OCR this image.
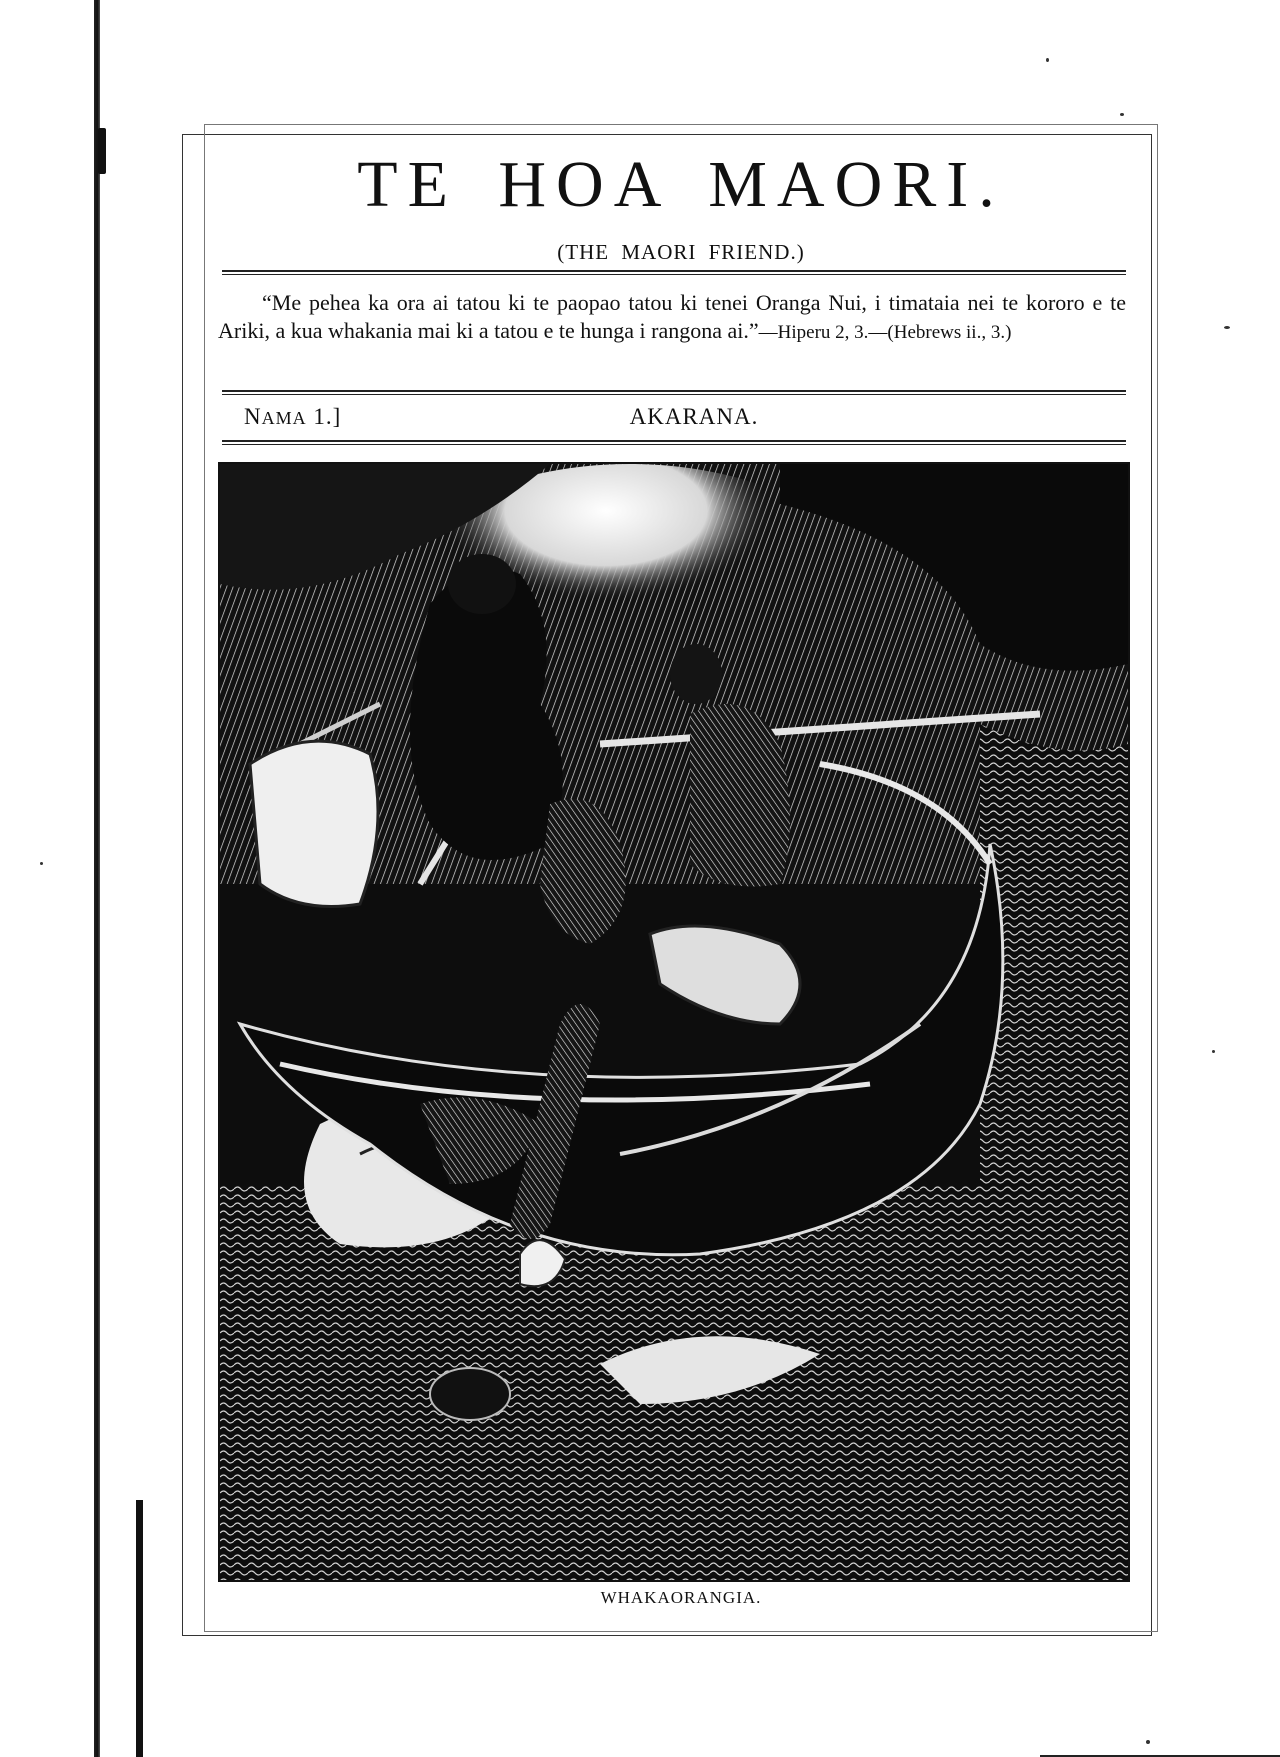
TE HOA MAORI.
(THE MAORI FRIEND.)
“Me pehea ka ora ai tatou ki te paopao tatou ki tenei Oranga Nui, i timataia nei te kororo e te Ariki, a kua whakania mai ki a tatou e te hunga i rangona ai.”—Hiperu 2, 3.—(Hebrews ii., 3.)
NAMA 1.]	AKARANA.
WHAKAORANGIA.
